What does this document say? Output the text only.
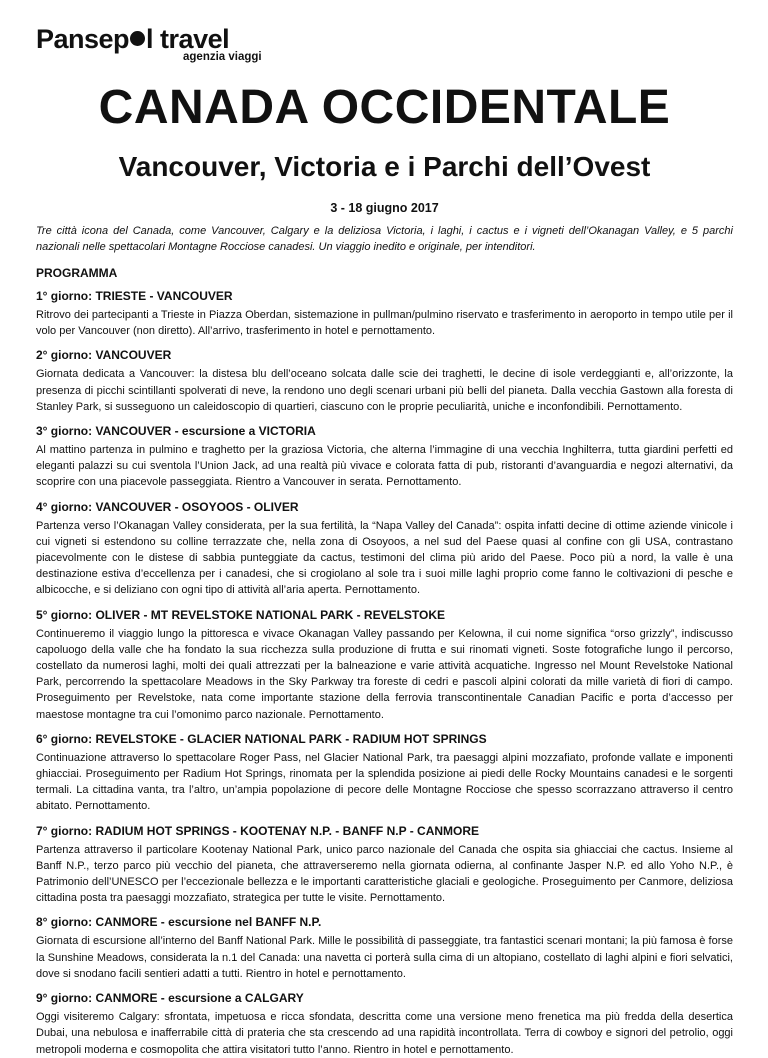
Pansep l travel
agenzia viaggi
CANADA OCCIDENTALE
Vancouver, Victoria e i Parchi dell’Ovest
3 - 18 giugno 2017
Tre città icona del Canada, come Vancouver, Calgary e la deliziosa Victoria, i laghi, i cactus e i vigneti dell’Okanagan Valley, e 5 parchi nazionali nelle spettacolari Montagne Rocciose canadesi. Un viaggio inedito e originale, per intenditori.
PROGRAMMA
1° giorno: TRIESTE - VANCOUVER
Ritrovo dei partecipanti a Trieste in Piazza Oberdan, sistemazione in pullman/pulmino riservato e trasferimento in aeroporto in tempo utile per il volo per Vancouver (non diretto). All’arrivo, trasferimento in hotel e pernottamento.
2° giorno: VANCOUVER
Giornata dedicata a Vancouver: la distesa blu dell’oceano solcata dalle scie dei traghetti, le decine di isole verdeggianti e, all’orizzonte, la presenza di picchi scintillanti spolverati di neve, la rendono uno degli scenari urbani più belli del pianeta. Dalla vecchia Gastown alla foresta di Stanley Park, si susseguono un caleidoscopio di quartieri, ciascuno con le proprie peculiarità, uniche e inconfondibili. Pernottamento.
3° giorno: VANCOUVER - escursione a VICTORIA
Al mattino partenza in pulmino e traghetto per la graziosa Victoria, che alterna l’immagine di una vecchia Inghilterra, tutta giardini perfetti ed eleganti palazzi su cui sventola l’Union Jack, ad una realtà più vivace e colorata fatta di pub, ristoranti d’avanguardia e negozi alternativi, da scoprire con una piacevole passeggiata. Rientro a Vancouver in serata. Pernottamento.
4° giorno: VANCOUVER - OSOYOOS - OLIVER
Partenza verso l’Okanagan Valley considerata, per la sua fertilità, la “Napa Valley del Canada”: ospita infatti decine di ottime aziende vinicole i cui vigneti si estendono su colline terrazzate che, nella zona di Osoyoos, a nel sud del Paese quasi al confine con gli USA, contrastano piacevolmente con le distese di sabbia punteggiate da cactus, testimoni del clima più arido del Paese. Poco più a nord, la valle è una destinazione estiva d’eccellenza per i canadesi, che si crogiolano al sole tra i suoi mille laghi proprio come fanno le coltivazioni di pesche e albicocche, e si deliziano con ogni tipo di attività all’aria aperta. Pernottamento.
5° giorno: OLIVER - MT REVELSTOKE NATIONAL PARK - REVELSTOKE
Continueremo il viaggio lungo la pittoresca e vivace Okanagan Valley passando per Kelowna, il cui nome significa “orso grizzly”, indiscusso capoluogo della valle che ha fondato la sua ricchezza sulla produzione di frutta e sui rinomati vigneti. Soste fotografiche lungo il percorso, costellato da numerosi laghi, molti dei quali attrezzati per la balneazione e varie attività acquatiche. Ingresso nel Mount Revelstoke National Park, percorrendo la spettacolare Meadows in the Sky Parkway tra foreste di cedri e pascoli alpini colorati da mille varietà di fiori di campo. Proseguimento per Revelstoke, nata come importante stazione della ferrovia transcontinentale Canadian Pacific e porta d’accesso per maestose montagne tra cui l’omonimo parco nazionale. Pernottamento.
6° giorno: REVELSTOKE - GLACIER NATIONAL PARK - RADIUM HOT SPRINGS
Continuazione attraverso lo spettacolare Roger Pass, nel Glacier National Park, tra paesaggi alpini mozzafiato, profonde vallate e imponenti ghiacciai. Proseguimento per Radium Hot Springs, rinomata per la splendida posizione ai piedi delle Rocky Mountains canadesi e le sorgenti termali. La cittadina vanta, tra l’altro, un’ampia popolazione di pecore delle Montagne Rocciose che spesso scorrazzano attraverso il centro abitato. Pernottamento.
7° giorno: RADIUM HOT SPRINGS - KOOTENAY N.P. - BANFF N.P - CANMORE
Partenza attraverso il particolare Kootenay National Park, unico parco nazionale del Canada che ospita sia ghiacciai che cactus. Insieme al Banff N.P., terzo parco più vecchio del pianeta, che attraverseremo nella giornata odierna, al confinante Jasper N.P. ed allo Yoho N.P., è Patrimonio dell’UNESCO per l’eccezionale bellezza e le importanti caratteristiche glaciali e geologiche. Proseguimento per Canmore, deliziosa cittadina posta tra paesaggi mozzafiato, strategica per tutte le visite. Pernottamento.
8° giorno: CANMORE - escursione nel BANFF N.P.
Giornata di escursione all’interno del Banff National Park. Mille le possibilità di passeggiate, tra fantastici scenari montani; la più famosa è forse la Sunshine Meadows, considerata la n.1 del Canada: una navetta ci porterà sulla cima di un altopiano, costellato di laghi alpini e fiori selvatici, dove si snodano facili sentieri adatti a tutti. Rientro in hotel e pernottamento.
9° giorno: CANMORE - escursione a CALGARY
Oggi visiteremo Calgary: sfrontata, impetuosa e ricca sfondata, descritta come una versione meno frenetica ma più fredda della desertica Dubai, una nebulosa e inafferrabile città di prateria che sta crescendo ad una rapidità incontrollata. Terra di cowboy e signori del petrolio, oggi metropoli moderna e cosmopolita che attira visitatori tutto l’anno. Rientro in hotel e pernottamento.
